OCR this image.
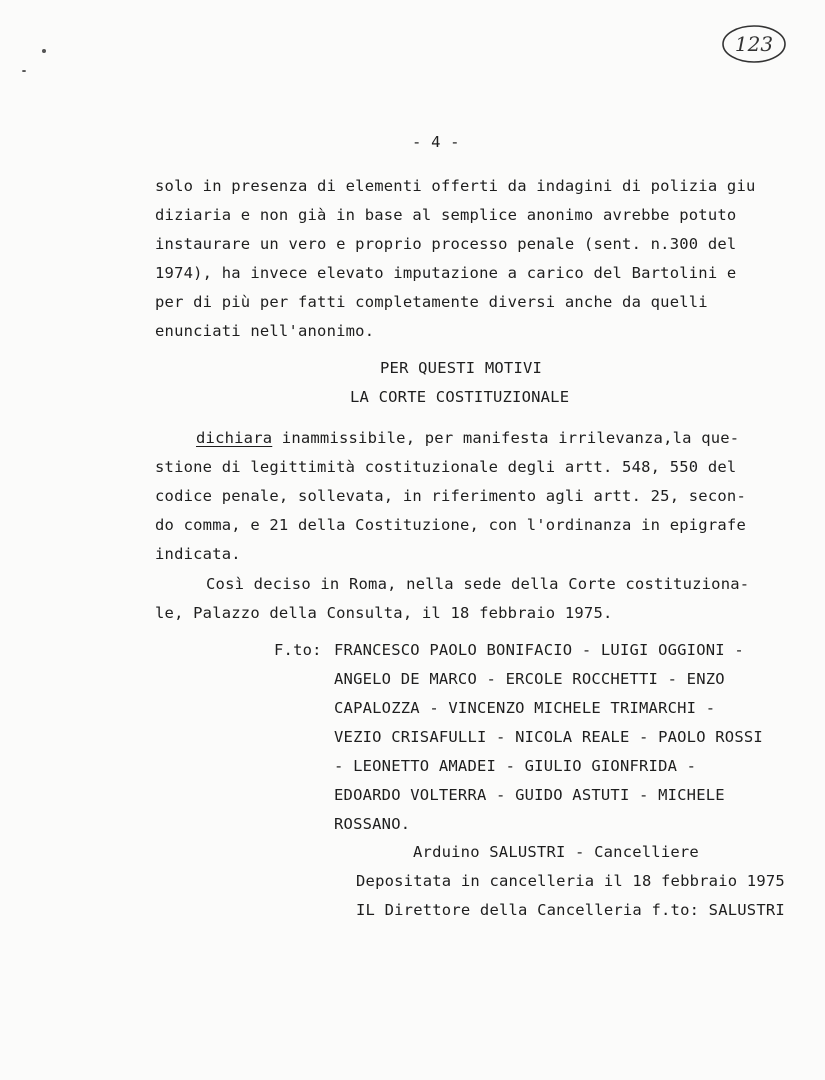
123
- 4 -
solo in presenza di elementi offerti da indagini di polizia giu
diziaria e non già in base al semplice anonimo avrebbe potuto
instaurare un vero e proprio processo penale (sent. n.300 del
1974), ha invece elevato imputazione a carico del Bartolini e
per di più per fatti completamente diversi anche da quelli
enunciati nell'anonimo.
PER QUESTI MOTIVI
LA CORTE COSTITUZIONALE
dichiara inammissibile, per manifesta irrilevanza,la que-
stione di legittimità costituzionale degli artt. 548, 550 del
codice penale, sollevata, in riferimento agli artt. 25, secon-
do comma, e 21 della Costituzione, con l'ordinanza in epigrafe
indicata.
Così deciso in Roma, nella sede della Corte costituziona-
le, Palazzo della Consulta, il 18 febbraio 1975.
F.to: FRANCESCO PAOLO BONIFACIO - LUIGI OGGIONI -
ANGELO DE MARCO - ERCOLE ROCCHETTI - ENZO
CAPALOZZA - VINCENZO MICHELE TRIMARCHI -
VEZIO CRISAFULLI - NICOLA REALE - PAOLO ROSSI
- LEONETTO AMADEI - GIULIO GIONFRIDA -
EDOARDO VOLTERRA - GUIDO ASTUTI - MICHELE
ROSSANO.
Arduino SALUSTRI - Cancelliere
Depositata in cancelleria il 18 febbraio 1975
IL Direttore della Cancelleria f.to: SALUSTRI
